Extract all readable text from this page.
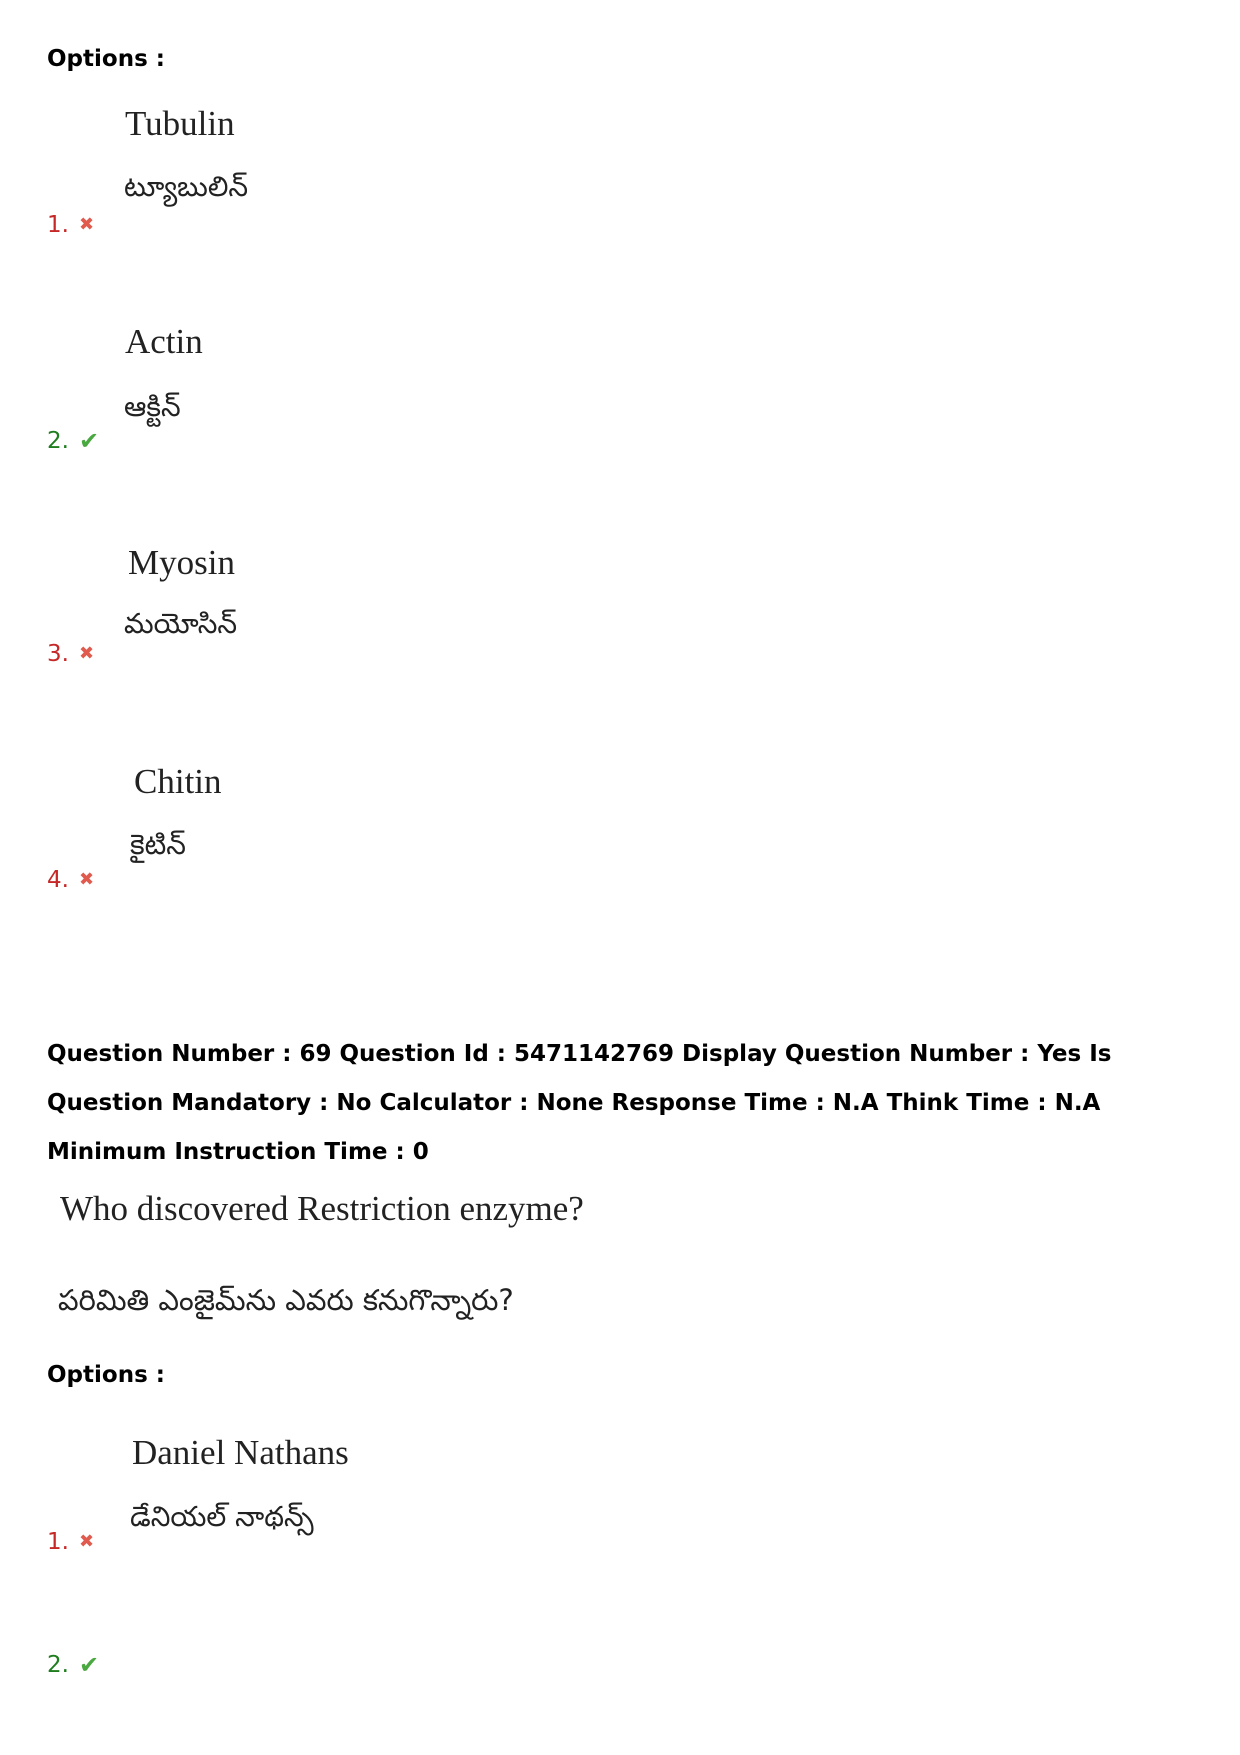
Options :
Tubulin
ట్యూబులిన్
1. ✖
Actin
ఆక్టిన్
2. ✔
Myosin
మయోసిన్
3. ✖
Chitin
కైటిన్
4. ✖
Question Number : 69 Question Id : 5471142769 Display Question Number : Yes Is Question Mandatory : No Calculator : None Response Time : N.A Think Time : N.A Minimum Instruction Time : 0
Who discovered Restriction enzyme?
పరిమితి ఎంజైమ్‌ను ఎవరు కనుగొన్నారు?
Options :
Daniel Nathans
డేనియల్ నాథన్స్
1. ✖
2. ✔
